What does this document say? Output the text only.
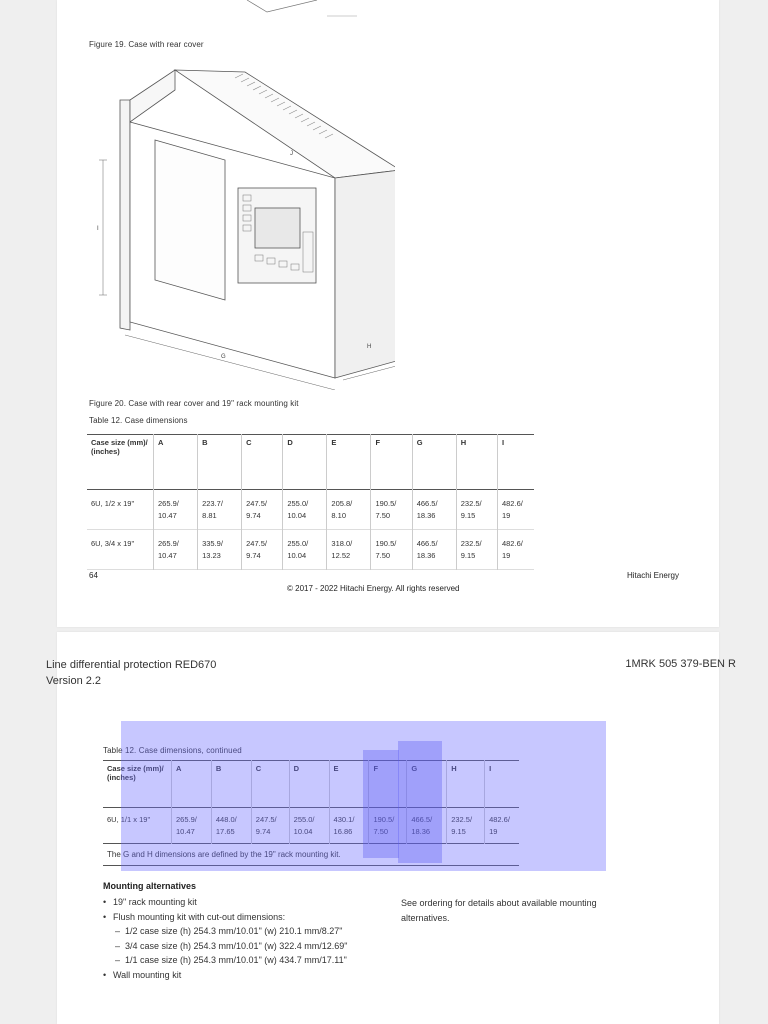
Figure 19. Case with rear cover
I
G
H
J
Figure 20. Case with rear cover and 19" rack mounting kit
Table 12. Case dimensions
Case size (mm)/ (inches)	A	B	C	D	E	F	G	H	I
6U, 1/2 x 19"	265.9/ 10.47	223.7/ 8.81	247.5/ 9.74	255.0/ 10.04	205.8/ 8.10	190.5/ 7.50	466.5/ 18.36	232.5/ 9.15	482.6/ 19
6U, 3/4 x 19"	265.9/ 10.47	335.9/ 13.23	247.5/ 9.74	255.0/ 10.04	318.0/ 12.52	190.5/ 7.50	466.5/ 18.36	232.5/ 9.15	482.6/ 19
64	Hitachi Energy
© 2017 - 2022 Hitachi Energy. All rights reserved
Line differential protection RED670
Version 2.2
1MRK 505 379-BEN R
Table 12. Case dimensions, continued
Case size (mm)/ (inches)	A	B	C	D	E	F	G	H	I
6U, 1/1 x 19"	265.9/ 10.47	448.0/ 17.65	247.5/ 9.74	255.0/ 10.04	430.1/ 16.86	190.5/ 7.50	466.5/ 18.36	232.5/ 9.15	482.6/ 19
The G and H dimensions are defined by the 19" rack mounting kit.									
Mounting alternatives
• 19" rack mounting kit
• Flush mounting kit with cut-out dimensions:
– 1/2 case size (h) 254.3 mm/10.01" (w) 210.1 mm/8.27"
– 3/4 case size (h) 254.3 mm/10.01" (w) 322.4 mm/12.69"
– 1/1 case size (h) 254.3 mm/10.01" (w) 434.7 mm/17.11"
• Wall mounting kit
See ordering for details about available mounting alternatives.
